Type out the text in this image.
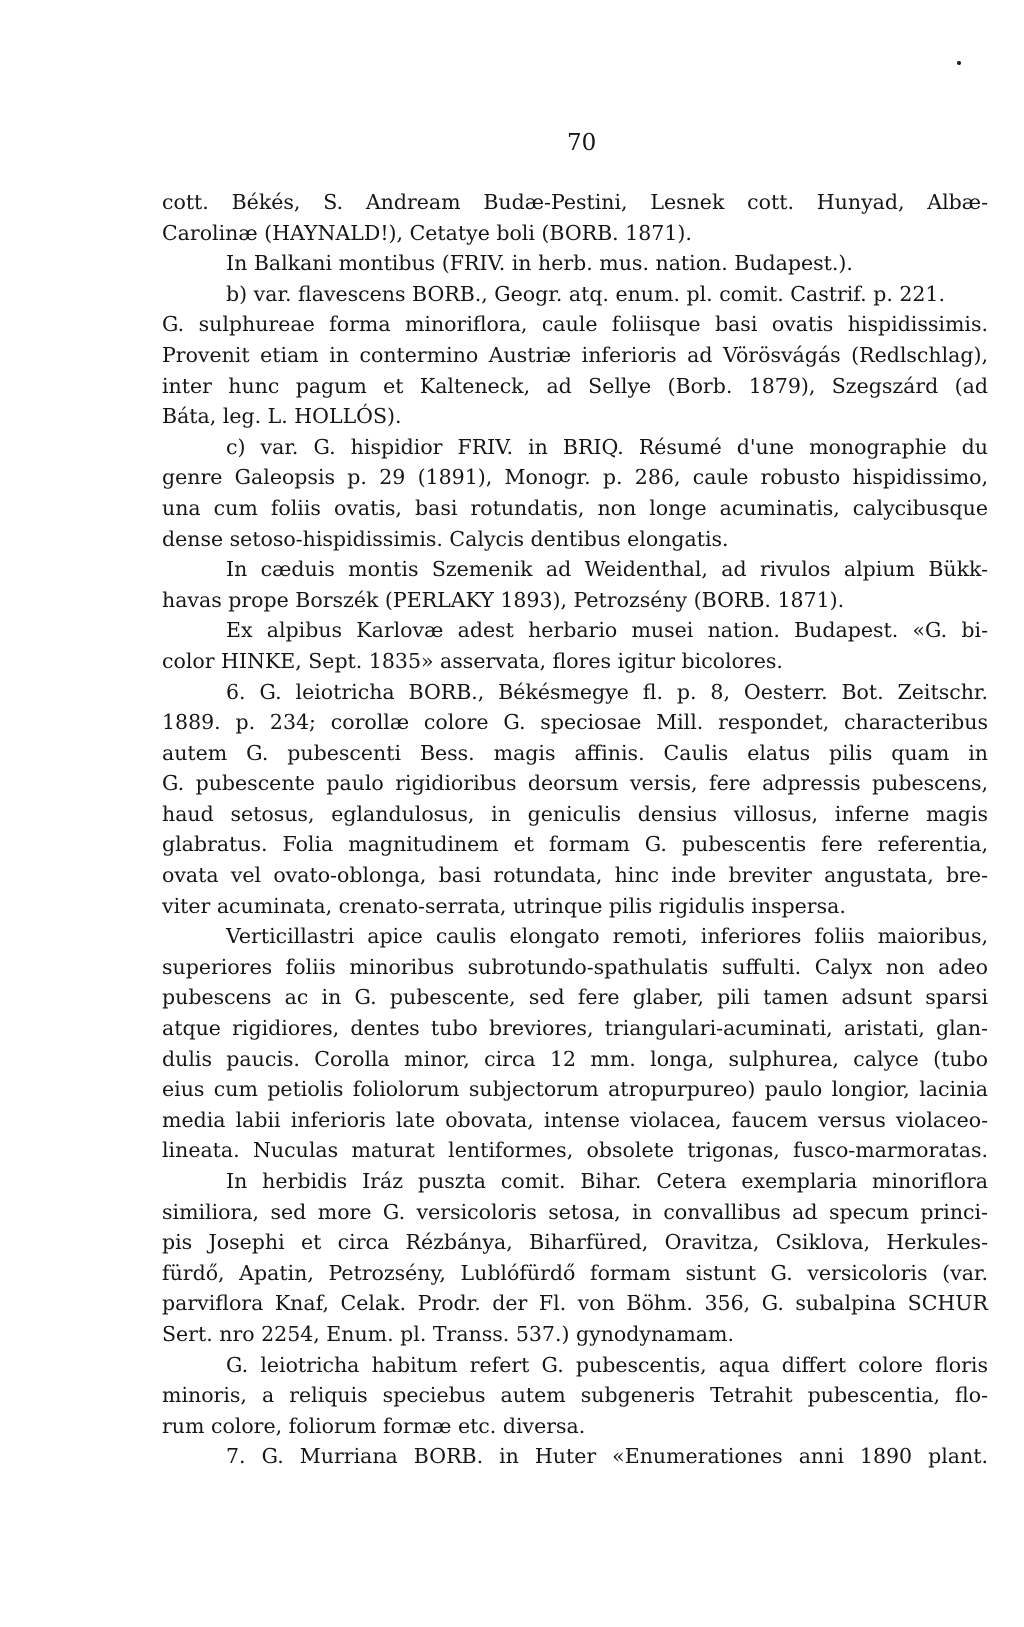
70
cott. Békés, S. Andream Budæ-Pestini, Lesnek cott. Hunyad, Albæ-
Carolinæ (HAYNALD!), Cetatye boli (BORB. 1871).
In Balkani montibus (FRIV. in herb. mus. nation. Budapest.).
b) var. flavescens BORB., Geogr. atq. enum. pl. comit. Castrif. p. 221.
G. sulphureae forma minoriflora, caule foliisque basi ovatis hispidissimis.
Provenit etiam in contermino Austriæ inferioris ad Vörösvágás (Redlschlag),
inter hunc pagum et Kalteneck, ad Sellye (Borb. 1879), Szegszárd (ad
Báta, leg. L. HOLLÓS).
c) var. G. hispidior FRIV. in BRIQ. Résumé d'une monographie du
genre Galeopsis p. 29 (1891), Monogr. p. 286, caule robusto hispidissimo,
una cum foliis ovatis, basi rotundatis, non longe acuminatis, calycibusque
dense setoso-hispidissimis. Calycis dentibus elongatis.
In cæduis montis Szemenik ad Weidenthal, ad rivulos alpium Bükk-
havas prope Borszék (PERLAKY 1893), Petrozsény (BORB. 1871).
Ex alpibus Karlovæ adest herbario musei nation. Budapest. «G. bi-
color HINKE, Sept. 1835» asservata, flores igitur bicolores.
6. G. leiotricha BORB., Békésmegye fl. p. 8, Oesterr. Bot. Zeitschr.
1889. p. 234; corollæ colore G. speciosae Mill. respondet, characteribus
autem G. pubescenti Bess. magis affinis. Caulis elatus pilis quam in
G. pubescente paulo rigidioribus deorsum versis, fere adpressis pubescens,
haud setosus, eglandulosus, in geniculis densius villosus, inferne magis
glabratus. Folia magnitudinem et formam G. pubescentis fere referentia,
ovata vel ovato-oblonga, basi rotundata, hinc inde breviter angustata, bre-
viter acuminata, crenato-serrata, utrinque pilis rigidulis inspersa.
Verticillastri apice caulis elongato remoti, inferiores foliis maioribus,
superiores foliis minoribus subrotundo-spathulatis suffulti. Calyx non adeo
pubescens ac in G. pubescente, sed fere glaber, pili tamen adsunt sparsi
atque rigidiores, dentes tubo breviores, triangulari-acuminati, aristati, glan-
dulis paucis. Corolla minor, circa 12 mm. longa, sulphurea, calyce (tubo
eius cum petiolis foliolorum subjectorum atropurpureo) paulo longior, lacinia
media labii inferioris late obovata, intense violacea, faucem versus violaceo-
lineata. Nuculas maturat lentiformes, obsolete trigonas, fusco-marmoratas.
In herbidis Iráz puszta comit. Bihar. Cetera exemplaria minoriflora
similiora, sed more G. versicoloris setosa, in convallibus ad specum princi-
pis Josephi et circa Rézbánya, Biharfüred, Oravitza, Csiklova, Herkules-
fürdő, Apatin, Petrozsény, Lublófürdő formam sistunt G. versicoloris (var.
parviflora Knaf, Celak. Prodr. der Fl. von Böhm. 356, G. subalpina SCHUR
Sert. nro 2254, Enum. pl. Transs. 537.) gynodynamam.
G. leiotricha habitum refert G. pubescentis, aqua differt colore floris
minoris, a reliquis speciebus autem subgeneris Tetrahit pubescentia, flo-
rum colore, foliorum formæ etc. diversa.
7. G. Murriana BORB. in Huter «Enumerationes anni 1890 plant.
